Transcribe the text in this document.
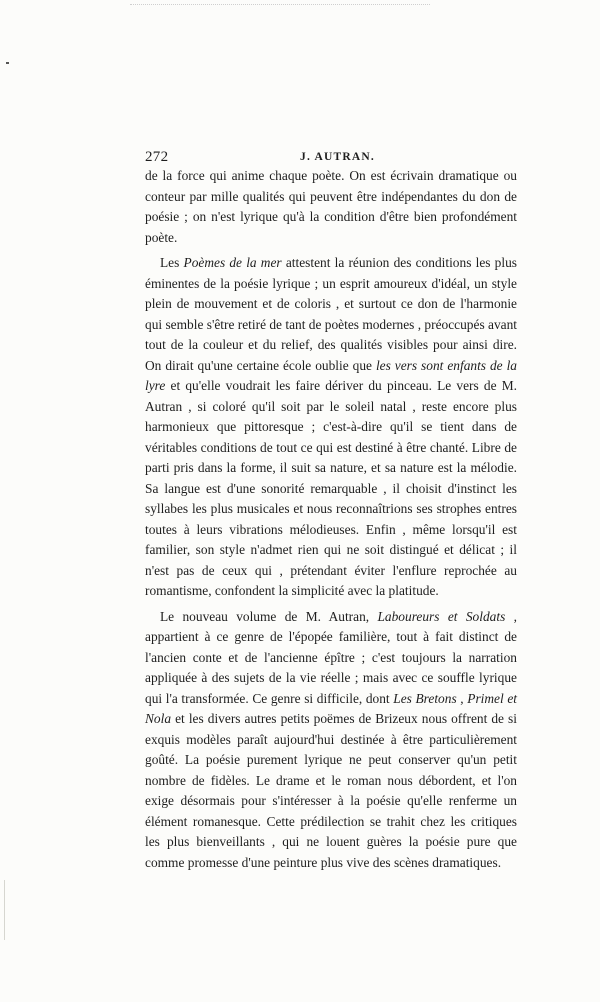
272	J. AUTRAN.

de la force qui anime chaque poète. On est écrivain dramatique ou conteur par mille qualités qui peuvent être indépendantes du don de poésie ; on n'est lyrique qu'à la condition d'être bien profondément poète.

Les Poèmes de la mer attestent la réunion des conditions les plus éminentes de la poésie lyrique ; un esprit amoureux d'idéal, un style plein de mouvement et de coloris , et surtout ce don de l'harmonie qui semble s'être retiré de tant de poètes modernes , préoccupés avant tout de la couleur et du relief, des qualités visibles pour ainsi dire. On dirait qu'une certaine école oublie que les vers sont enfants de la lyre et qu'elle voudrait les faire dériver du pinceau. Le vers de M. Autran , si coloré qu'il soit par le soleil natal , reste encore plus harmonieux que pittoresque ; c'est-à-dire qu'il se tient dans de véritables conditions de tout ce qui est destiné à être chanté. Libre de parti pris dans la forme, il suit sa nature, et sa nature est la mélodie. Sa langue est d'une sonorité remarquable , il choisit d'instinct les syllabes les plus musicales et nous reconnaîtrions ses strophes entres toutes à leurs vibrations mélodieuses. Enfin , même lorsqu'il est familier, son style n'admet rien qui ne soit distingué et délicat ; il n'est pas de ceux qui , prétendant éviter l'enflure reprochée au romantisme, confondent la simplicité avec la platitude.

Le nouveau volume de M. Autran, Laboureurs et Soldats , appartient à ce genre de l'épopée familière, tout à fait distinct de l'ancien conte et de l'ancienne épître ; c'est toujours la narration appliquée à des sujets de la vie réelle ; mais avec ce souffle lyrique qui l'a transformée. Ce genre si difficile, dont Les Bretons , Primel et Nola et les divers autres petits poëmes de Brizeux nous offrent de si exquis modèles paraît aujourd'hui destinée à être particulièrement goûté. La poésie purement lyrique ne peut conserver qu'un petit nombre de fidèles. Le drame et le roman nous débordent, et l'on exige désormais pour s'intéresser à la poésie qu'elle renferme un élément romanesque. Cette prédilection se trahit chez les critiques les plus bienveillants , qui ne louent guères la poésie pure que comme promesse d'une peinture plus vive des scènes dramatiques.
